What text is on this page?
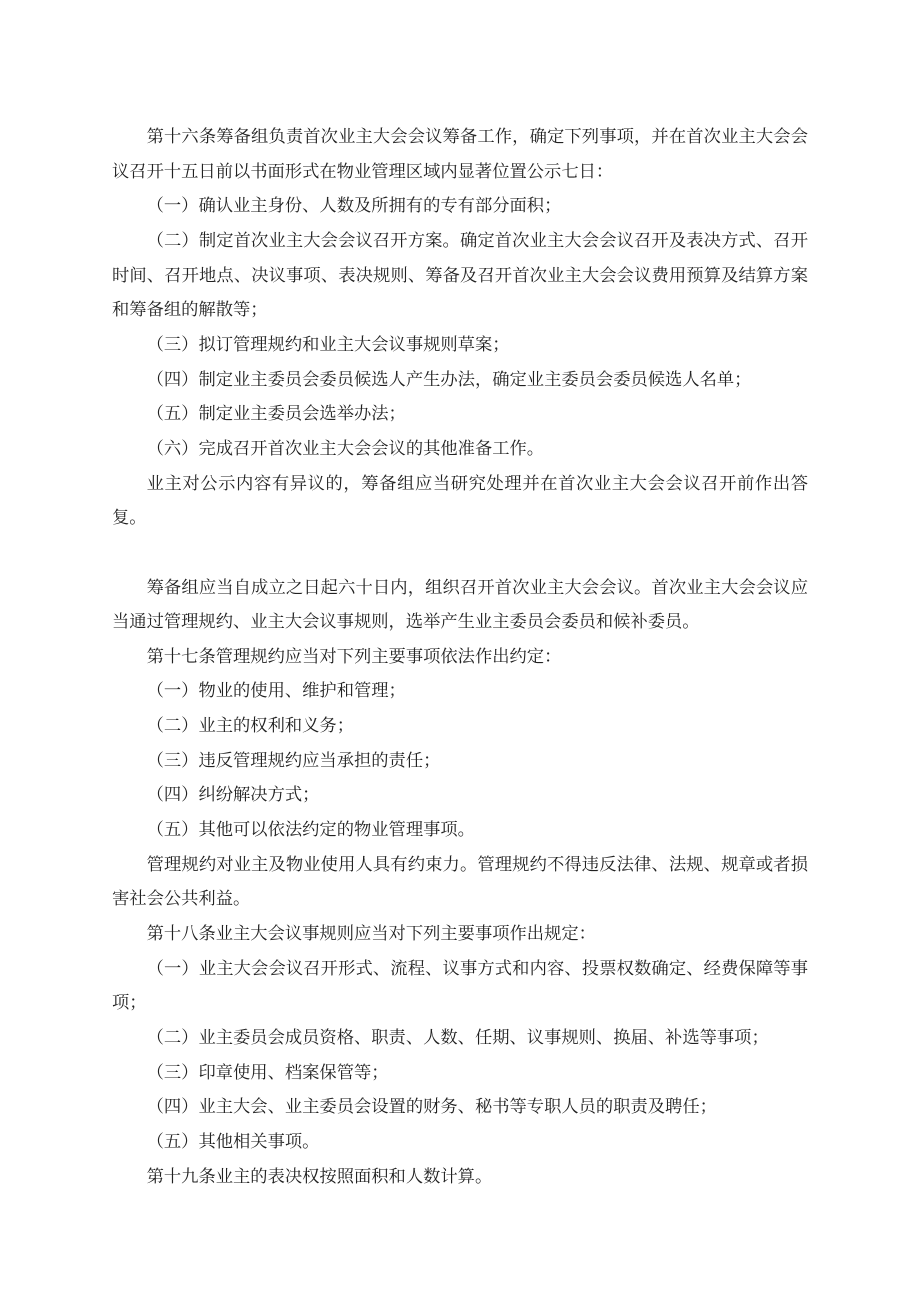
第十六条筹备组负责首次业主大会会议筹备工作，确定下列事项，并在首次业主大会会议召开十五日前以书面形式在物业管理区域内显著位置公示七日：

（一）确认业主身份、人数及所拥有的专有部分面积；

（二）制定首次业主大会会议召开方案。确定首次业主大会会议召开及表决方式、召开时间、召开地点、决议事项、表决规则、筹备及召开首次业主大会会议费用预算及结算方案和筹备组的解散等；

（三）拟订管理规约和业主大会议事规则草案；

（四）制定业主委员会委员候选人产生办法，确定业主委员会委员候选人名单；

（五）制定业主委员会选举办法；

（六）完成召开首次业主大会会议的其他准备工作。

业主对公示内容有异议的，筹备组应当研究处理并在首次业主大会会议召开前作出答复。

筹备组应当自成立之日起六十日内，组织召开首次业主大会会议。首次业主大会会议应当通过管理规约、业主大会议事规则，选举产生业主委员会委员和候补委员。

第十七条管理规约应当对下列主要事项依法作出约定：

（一）物业的使用、维护和管理；

（二）业主的权利和义务；

（三）违反管理规约应当承担的责任；

（四）纠纷解决方式；

（五）其他可以依法约定的物业管理事项。

管理规约对业主及物业使用人具有约束力。管理规约不得违反法律、法规、规章或者损害社会公共利益。

第十八条业主大会议事规则应当对下列主要事项作出规定：

（一）业主大会会议召开形式、流程、议事方式和内容、投票权数确定、经费保障等事项；

（二）业主委员会成员资格、职责、人数、任期、议事规则、换届、补选等事项；

（三）印章使用、档案保管等；

（四）业主大会、业主委员会设置的财务、秘书等专职人员的职责及聘任；

（五）其他相关事项。

第十九条业主的表决权按照面积和人数计算。
